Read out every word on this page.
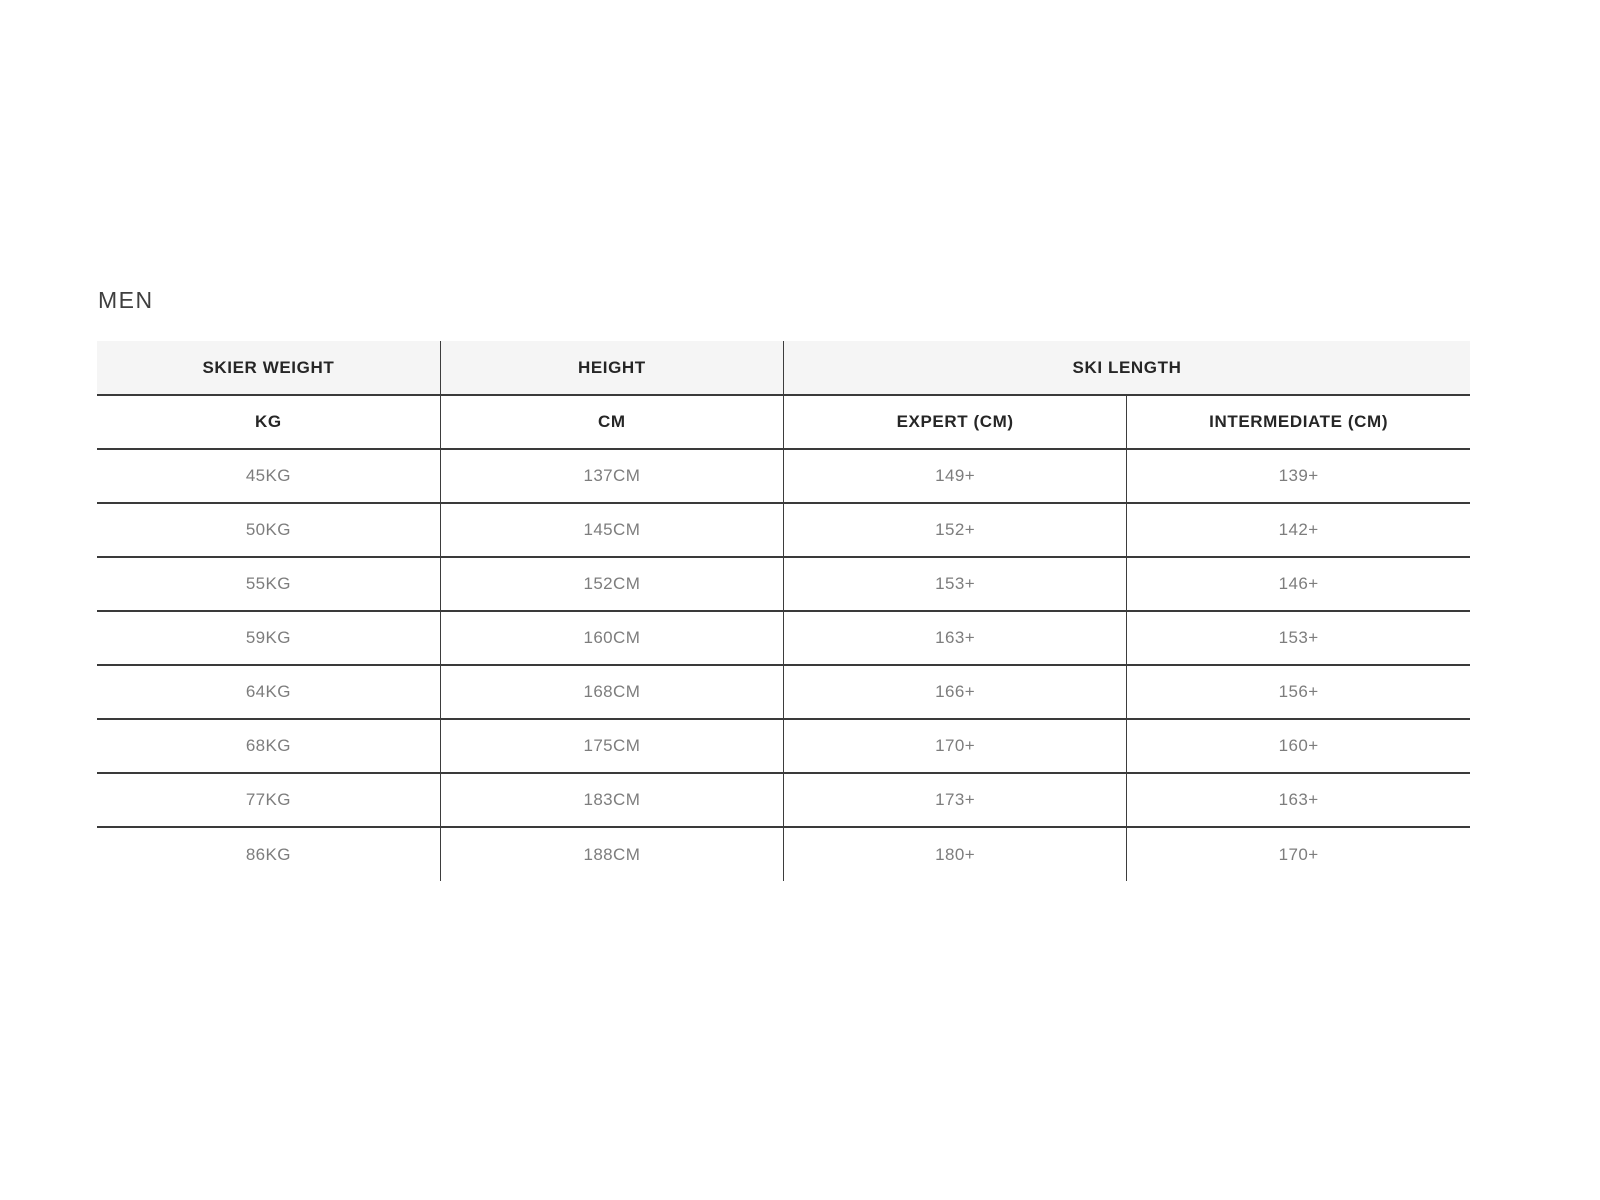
MEN
SKIER WEIGHT	HEIGHT	SKI LENGTH	
KG	CM	EXPERT (CM)	INTERMEDIATE (CM)
45KG	137CM	149+	139+
50KG	145CM	152+	142+
55KG	152CM	153+	146+
59KG	160CM	163+	153+
64KG	168CM	166+	156+
68KG	175CM	170+	160+
77KG	183CM	173+	163+
86KG	188CM	180+	170+
